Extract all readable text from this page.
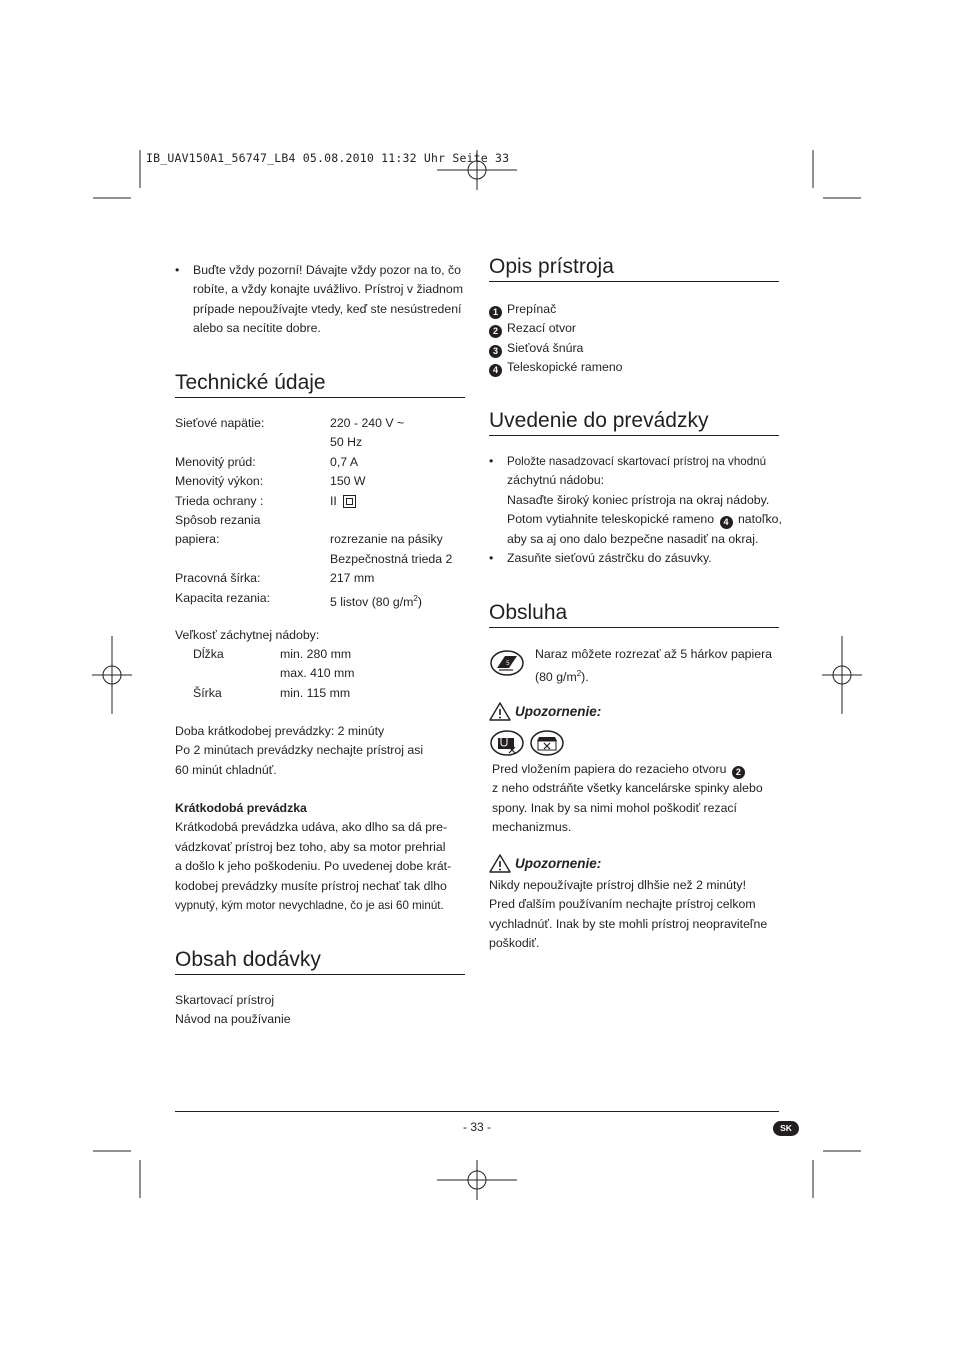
IB_UAV150A1_56747_LB4 05.08.2010 11:32 Uhr Seite 33
• Buďte vždy pozorní! Dávajte vždy pozor na to, čo robíte, a vždy konajte uvážlivo. Prístroj v žiadnom prípade nepoužívajte vtedy, keď ste nesústredení alebo sa necítite dobre.
Technické údaje
Sieťové napätie:	220 - 240 V ~
50 Hz
Menovitý prúd:	0,7 A
Menovitý výkon:	150 W
Trieda ochrany :	II
Spôsob rezania
papiera:	rozrezanie na pásiky
Bezpečnostná trieda 2
Pracovná šírka:	217 mm
Kapacita rezania:	5 listov (80 $g/m^2$)
Veľkosť záchytnej nádoby:
Dĺžka	min. 280 mm
max. 410 mm
Šírka	min. 115 mm
Doba krátkodobej prevádzky: 2 minúty
Po 2 minútach prevádzky nechajte prístroj asi
60 minút chladnúť.
Krátkodobá prevádzka
Krátkodobá prevádzka udáva, ako dlho sa dá pre-
vádzkovať prístroj bez toho, aby sa motor prehrial
a došlo k jeho poškodeniu. Po uvedenej dobe krát-
kodobej prevádzky musíte prístroj nechať tak dlho
vypnutý, kým motor nevychladne, čo je asi 60 minút.
Obsah dodávky
Skartovací prístroj
Návod na používanie
Opis prístroja
1 Prepínač
2 Rezací otvor
3 Sieťová šnúra
4 Teleskopické rameno
Uvedenie do prevádzky
• Položte nasadzovací skartovací prístroj na vhodnú
záchytnú nádobu:
Nasaďte široký koniec prístroja na okraj nádoby.
Potom vytiahnite teleskopické rameno 4 natoľko,
aby sa aj ono dalo bezpečne nasadiť na okraj.
• Zasuňte sieťovú zástrčku do zásuvky.
Obsluha
5
Naraz môžete rozrezať až 5 hárkov papiera
(80 $g/m^2$).
Upozornenie:
Pred vložením papiera do rezacieho otvoru 2
z neho odstráňte všetky kancelárske spinky alebo
spony. Inak by sa nimi mohol poškodiť rezací
mechanizmus.
Upozornenie:
Nikdy nepoužívajte prístroj dlhšie než 2 minúty!
Pred ďalším používaním nechajte prístroj celkom
vychladnúť. Inak by ste mohli prístroj neopraviteľne
poškodiť.
- 33 -	SK
